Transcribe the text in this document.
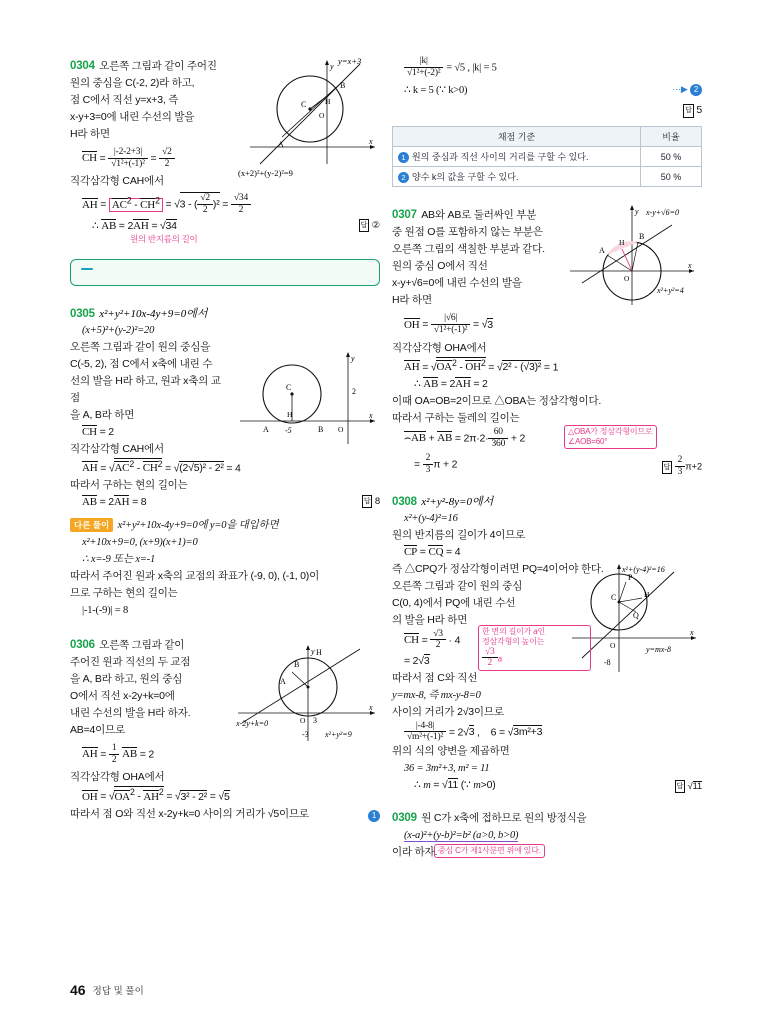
C
B
A
H
O
x
y
y=x+3
(x+2)²+(y-2)²=9
0304 오른쪽 그림과 같이 주어진
원의 중심을 C(-2, 2)라 하고,
점 C에서 직선 y=x+3, 즉
x-y+3=0에 내린 수선의 발을
H라 하면
CH = $\frac{|-2-2+3|}{\text{√1²+(-1)²}} = \frac{√2}{2}$
직각삼각형 CAH에서
AH = $AC^2 - CH^2 = √3$ - ( $\frac{√2}{2} )^2 = \frac{√34}{2}$
∴ AB = 2AH = √34	답 ②
원의 반지름의 길이
0305 x²+y²+10x-4y+9=0에서
(x+5)²+(y-2)²=20
C
H
A	B
-5	O
x
y
2
오른쪽 그림과 같이 원의 중심을
C(-5, 2), 점 C에서 x축에 내린 수
선의 발을 H라 하고, 원과 x축의 교점
을 A, B라 하면
CH = 2
직각삼각형 CAH에서
AH = $√AC^2 - CH^2 = √(2√5)^2 - 2^2 = 4$
따라서 구하는 현의 길이는
AB = 2AH = 8	답 8
다른 풀이 x²+y²+10x-4y+9=0에 y=0을 대입하면
x²+10x+9=0, (x+9)(x+1)=0
∴ x=-9 또는 x=-1
따라서 주어진 원과 x축의 교점의 좌표가 (-9, 0), (-1, 0)이
므로 구하는 현의 길이는
|-1-(-9)| = 8
H
A
B
O 3
-3
x
y
x-2y+k=0
x²+y²=9
0306 오른쪽 그림과 같이
주어진 원과 직선의 두 교점
을 A, B라 하고, 원의 중심
O에서 직선 x-2y+k=0에
내린 수선의 발을 H라 하자.
AB=4이므로
AH = $\frac{1}{2}$ AB = 2
직각삼각형 OHA에서
OH = $√OA^2 - AH^2 = √3^2 - 2^2 = √5$
따라서 점 O와 직선 x-2y+k=0 사이의 거리가 √5이므로	1
$\frac{|k|}{\text{√1²+(-2)²}} = √5$ , |k| = 5
∴ k = 5 (∵ k>0)	···▶ 2
답 5
채점 기준	비율
1 원의 중심과 직선 사이의 거리를 구할 수 있다.	50 %
2 양수 k의 값을 구할 수 있다.	50 %
H
A
B
O
x
y x-y+√6=0
x²+y²=4
0307 AB와 AB로 둘러싸인 부분
중 원점 O를 포함하지 않는 부분은
오른쪽 그림의 색칠한 부분과 같다.
원의 중심 O에서 직선
x-y+√6=0에 내린 수선의 발을
H라 하면
OH = $\frac{|√6|}{\text{√1²+(-1)²}} = √3$
직각삼각형 OHA에서
AH = $√OA^2 - OH^2 = √2^2 - (√3)^2 = 1$
∴ AB = 2AH = 2
이때 OA=OB=2이므로 △OBA는 정삼각형이다.
따라서 구하는 둘레의 길이는
⌢AB + AB = $2\pi\cdot 2\cdot \frac{60}{360} + 2$
△OBA가 정삼각형이므로
∠AOB=60°
= $\frac{2}{3}$ π + 2	답 $\frac{2}{3} \pi+2$
0308 x²+y²-8y=0에서
x²+(y-4)²=16
원의 반지름의 길이가 4이므로
CP = CQ = 4
즉 △CPQ가 정삼각형이려면 PQ=4이어야 한다.
C
P
Q
H
O
x
-8
y=mx-8
x²+(y-4)²=16
오른쪽 그림과 같이 원의 중심
C(0, 4)에서 PQ에 내린 수선
의 발을 H라 하면
CH = $\frac{√3}{2} \cdot 4$
한 변의 길이가 a인
정삼각형의 높이는

$\frac{√3}{2}$ a
= 2√3
따라서 점 C와 직선
y=mx-8, 즉 mx-y-8=0
사이의 거리가 2√3이므로
$\frac{|-4-8|}{\text{√m²+(-1)²}} = 2√3$ ,    6 = √3m²+3
위의 식의 양변을 제곱하면
36 = 3m²+3, m² = 11
∴ m = √11 (∵ m>0)	답 √11
0309 원 C가 x축에 접하므로 원의 방정식을
(x-a)²+(y-b)²=b² (a>0, b>0)
이라 하자. 중심 C가 제1사분면 위에 있다.
46 정답 및 풀이
